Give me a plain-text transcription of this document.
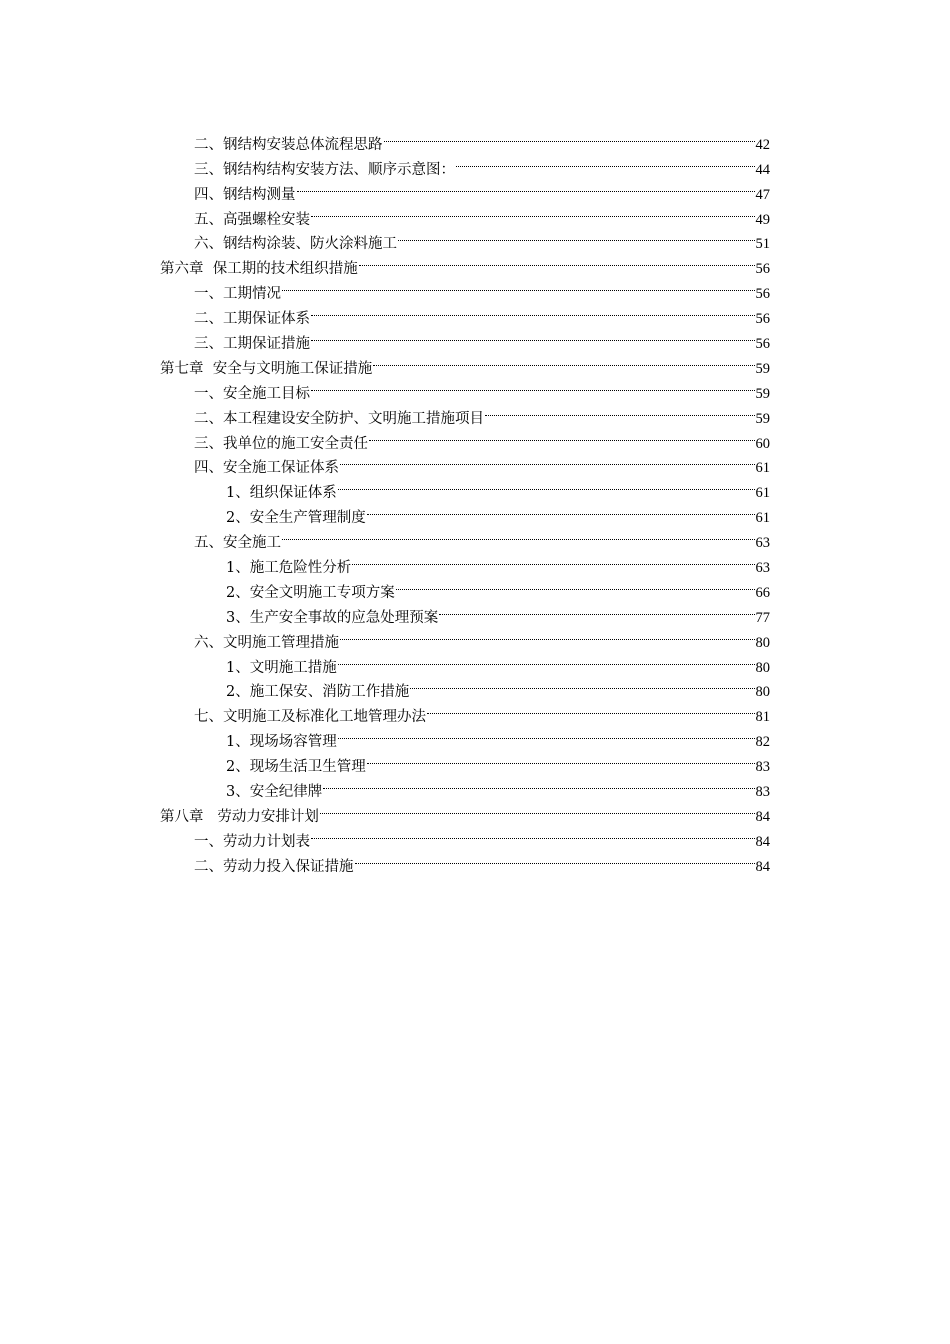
二、钢结构安装总体流程思路	42
三、钢结构结构安装方法、顺序示意图：	44
四、钢结构测量	47
五、高强螺栓安装	49
六、钢结构涂装、防火涂料施工	51
第六章  保工期的技术组织措施	56
一、工期情况	56
二、工期保证体系	56
三、工期保证措施	56
第七章  安全与文明施工保证措施	59
一、安全施工目标	59
二、本工程建设安全防护、文明施工措施项目	59
三、我单位的施工安全责任	60
四、安全施工保证体系	61
1、组织保证体系	61
2、安全生产管理制度	61
五、安全施工	63
1、施工危险性分析	63
2、安全文明施工专项方案	66
3、生产安全事故的应急处理预案	77
六、文明施工管理措施	80
1、文明施工措施	80
2、施工保安、消防工作措施	80
七、文明施工及标准化工地管理办法	81
1、现场场容管理	82
2、现场生活卫生管理	83
3、安全纪律牌	83
第八章   劳动力安排计划	84
一、劳动力计划表	84
二、劳动力投入保证措施	84
